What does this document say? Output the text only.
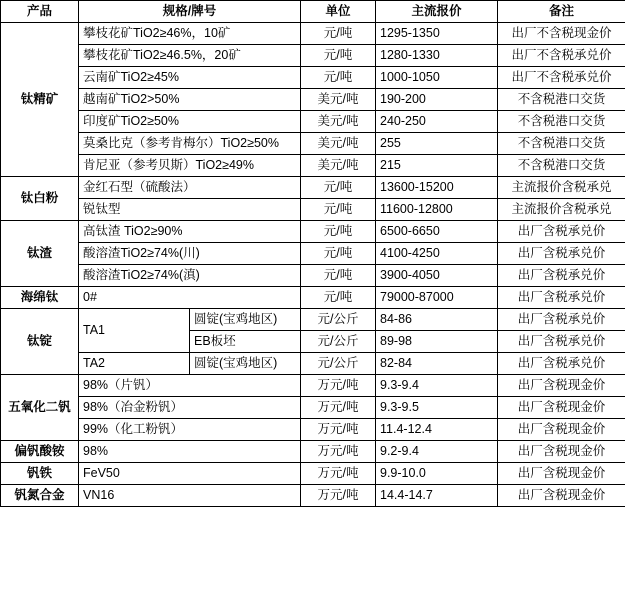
产品	规格/牌号		单位	主流报价	备注
钛精矿	攀枝花矿TiO2≥46%，10矿		元/吨	1295-1350	出厂不含税现金价
	攀枝花矿TiO2≥46.5%，20矿		元/吨	1280-1330	出厂不含税承兑价
	云南矿TiO2≥45%		元/吨	1000-1050	出厂不含税承兑价
	越南矿TiO2>50%		美元/吨	190-200	不含税港口交货
	印度矿TiO2≥50%		美元/吨	240-250	不含税港口交货
	莫桑比克（参考肯梅尔）TiO2≥50%		美元/吨	255	不含税港口交货
	肯尼亚（参考贝斯）TiO2≥49%		美元/吨	215	不含税港口交货
钛白粉	金红石型（硫酸法）		元/吨	13600-15200	主流报价含税承兑
	锐钛型		元/吨	11600-12800	主流报价含税承兑
钛渣	高钛渣 TiO2≥90%		元/吨	6500-6650	出厂含税承兑价
	酸溶渣TiO2≥74%(川)		元/吨	4100-4250	出厂含税承兑价
	酸溶渣TiO2≥74%(滇)		元/吨	3900-4050	出厂含税承兑价
海绵钛	0#		元/吨	79000-87000	出厂含税承兑价
钛锭	TA1	圆锭(宝鸡地区)	元/公斤	84-86	出厂含税承兑价
		EB板坯	元/公斤	89-98	出厂含税承兑价
	TA2	圆锭(宝鸡地区)	元/公斤	82-84	出厂含税承兑价
五氧化二钒	98%（片钒）		万元/吨	9.3-9.4	出厂含税现金价
	98%（冶金粉钒）		万元/吨	9.3-9.5	出厂含税现金价
	99%（化工粉钒）		万元/吨	11.4-12.4	出厂含税现金价
偏钒酸铵	98%		万元/吨	9.2-9.4	出厂含税现金价
钒铁	FeV50		万元/吨	9.9-10.0	出厂含税现金价
钒氮合金	VN16		万元/吨	14.4-14.7	出厂含税现金价
